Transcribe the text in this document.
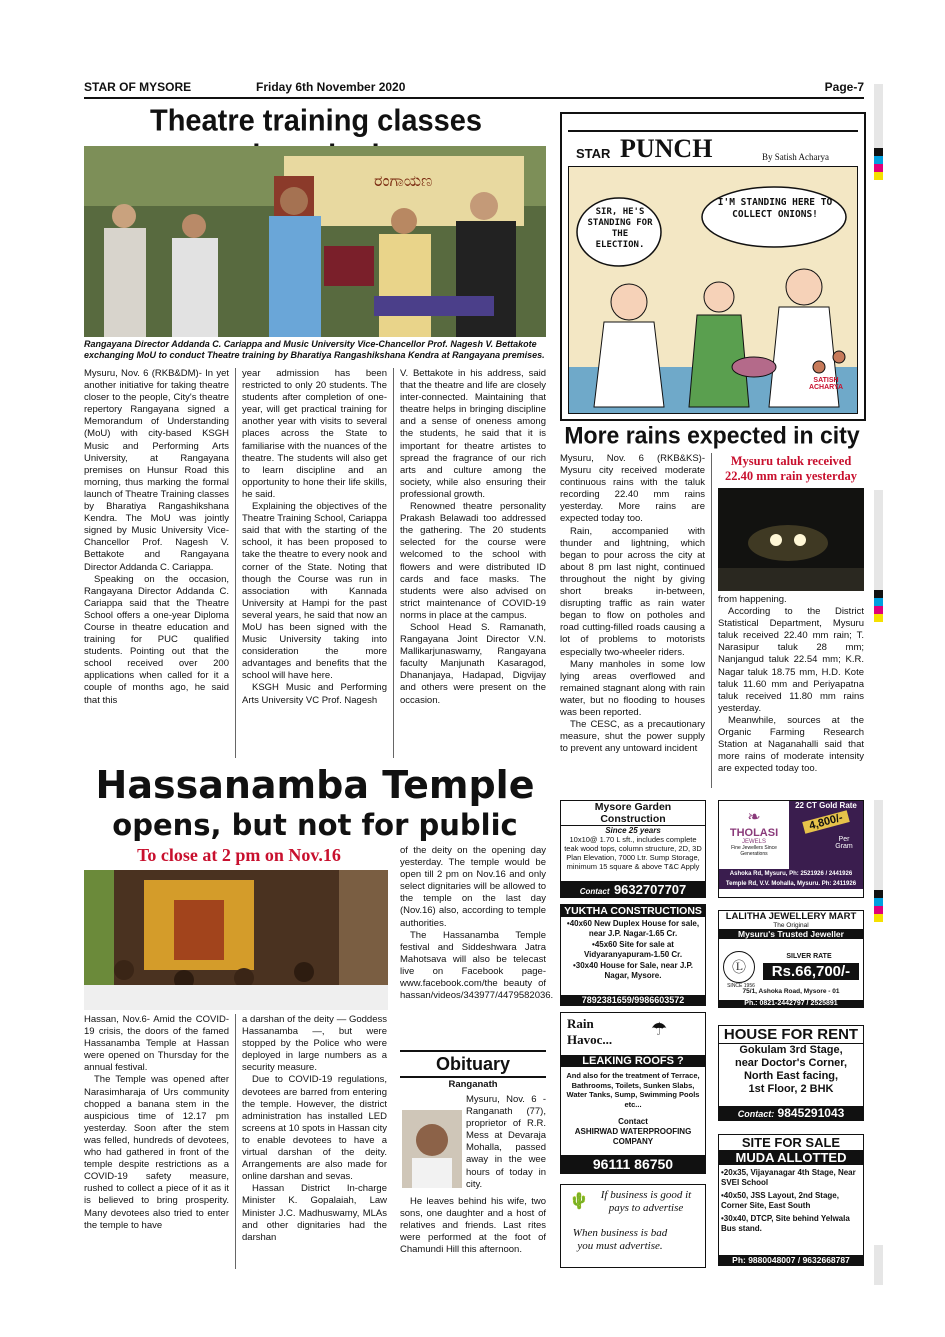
STAR OF MYSORE	Friday 6th November 2020	Page-7
Theatre training classes
ರಂಗಾಯಣ
Rangayana Director Addanda C. Cariappa and Music University Vice-Chancellor Prof. Nagesh V. Bettakote exchanging MoU to conduct Theatre training by Bharatiya Rangashikshana Kendra at Rangayana premises.

Mysuru, Nov. 6 (RKB&DM)- In yet another initiative for taking theatre closer to the people, City's theatre repertory Rangayana signed a Memorandum of Understanding (MoU) with city-based KSGH Music and Performing Arts University, at Rangayana premises on Hunsur Road this morning, thus marking the formal launch of Theatre Training classes by Bharatiya Rangashikshana Kendra. The MoU was jointly signed by Music University Vice-Chancellor Prof. Nagesh V. Bettakote and Rangayana Director Addanda C. Cariappa.

Speaking on the occasion, Rangayana Director Addanda C. Cariappa said that the Theatre School offers a one-year Diploma Course in theatre education and training for PUC qualified students. Pointing out that the school received over 200 applications when called for it a couple of months ago, he said that this

year admission has been restricted to only 20 students. The students after completion of one-year, will get practical training for another year with visits to several places across the State to familiarise with the nuances of the theatre. The students will also get to learn discipline and an opportunity to hone their life skills, he said.

Explaining the objectives of the Theatre Training School, Cariappa said that with the starting of the school, it has been proposed to take the theatre to every nook and corner of the State. Noting that though the Course was run in association with Kannada University at Hampi for the past several years, he said that now an MoU has been signed with the Music University taking into consideration the more advantages and benefits that the school will have here.

KSGH Music and Performing Arts University VC Prof. Nagesh

V. Bettakote in his address, said that the theatre and life are closely inter-connected. Maintaining that theatre helps in bringing discipline and a sense of oneness among the students, he said that it is important for theatre artistes to spread the fragrance of our rich arts and culture among the society, while also ensuring their professional growth.

Renowned theatre personality Prakash Belawadi too addressed the gathering. The 20 students selected for the course were welcomed to the school with flowers and were distributed ID cards and face masks. The students were also advised on strict maintenance of COVID-19 norms in place at the campus.

School Head S. Ramanath, Rangayana Joint Director V.N. Mallikarjunaswamy, Rangayana faculty Manjunath Kasaragod, Dhananjaya, Hadapad, Digvijay and others were present on the occasion.

STAR PUNCH	By Satish Acharya
SIR, HE'S STANDING FOR THE ELECTION.
I'M STANDING HERE TO COLLECT ONIONS!
SATISH ACHARYA
More rains expected in city

Mysuru, Nov. 6 (RKB&KS)- Mysuru city received moderate continuous rains with the taluk recording 22.40 mm rains yesterday. More rains are expected today too.

Rain, accompanied with thunder and lightning, which began to pour across the city at about 8 pm last night, continued throughout the night by giving short breaks in-between, disrupting traffic as rain water began to flow on potholes and road cutting-filled roads causing a lot of problems to motorists especially two-wheeler riders.

Many manholes in some low lying areas overflowed and remained stagnant along with rain water, but no flooding to houses was been reported.

The CESC, as a precautionary measure, shut the power supply to prevent any untoward incident

Mysuru taluk received 22.40 mm rain yesterday

from happening.

According to the District Statistical Department, Mysuru taluk received 22.40 mm rain; T. Narasipur taluk 28 mm; Nanjangud taluk 22.54 mm; K.R. Nagar taluk 18.75 mm, H.D. Kote taluk 11.60 mm and Periyapatna taluk received 11.80 mm rains yesterday.

Meanwhile, sources at the Organic Farming Research Station at Naganahalli said that more rains of moderate intensity are expected today too.

Hassanamba Temple
opens, but not for public
To close at 2 pm on Nov.16	of the deity on the opening day yesterday. The temple would be open till 2 pm on Nov.16 and only select dignitaries will be allowed to the temple on the last day (Nov.16) also, according to temple authorities.

The Hassanamba Temple festival and Siddeshwara Jatra Mahotsava will also be telecast live on Facebook page- www.facebook.com/the beauty of hassan/videos/343977/4479582036.

Hassan, Nov.6- Amid the COVID-19 crisis, the doors of the famed Hassanamba Temple at Hassan were opened on Thursday for the annual festival.

The Temple was opened after Narasimharaja of Urs community chopped a banana stem in the auspicious time of 12.17 pm yesterday. Soon after the stem was felled, hundreds of devotees, who had gathered in front of the temple despite restrictions as a COVID-19 safety measure, rushed to collect a piece of it as it is believed to bring prosperity. Many devotees also tried to enter the temple to have

a darshan of the deity — Goddess Hassanamba —, but were stopped by the Police who were deployed in large numbers as a security measure.

Due to COVID-19 regulations, devotees are barred from entering the temple. However, the district administration has installed LED screens at 10 spots in Hassan city to enable devotees to have a virtual darshan of the deity. Arrangements are also made for online darshan and sevas.

Hassan District In-charge Minister K. Gopalaiah, Law Minister J.C. Madhuswamy, MLAs and other dignitaries had the darshan

Obituary
Ranganath

Mysuru, Nov. 6 - Ranganath (77), proprietor of R.R. Mess at Devaraja Mohalla, passed away in the wee hours of today in city.

He leaves behind his wife, two sons, one daughter and a host of relatives and friends. Last rites were performed at the foot of Chamundi Hill this afternoon.

Mysore Garden Construction
Since 25 years
10x10@ 1.70 L sft., includes complete teak wood tops, column structure, 2D, 3D Plan Elevation, 7000 Ltr. Sump Storage, minimum 15 square & above T&C Apply
Contact 9632707707
YUKTHA CONSTRUCTIONS
•40x60 New Duplex House for sale, near J.P. Nagar-1.65 Cr.
•45x60 Site for sale at Vidyaranyapuram-1.50 Cr.
•30x40 House for Sale, near J.P. Nagar, Mysore.
7892381659/9986603572
Rain
Havoc...
☂
LEAKING ROOFS ?
And also for the treatment of Terrace, Bathrooms, Toilets, Sunken Slabs, Water Tanks, Sump, Swimming Pools etc...
Contact
ASHIRWAD WATERPROOFING COMPANY
96111 86750
If business is good it pays to advertise
When business is bad you must advertise.
🌵
❧
THOLASI
JEWELS
Fine Jewellers Since Generations
22 CT Gold Rate
4,800/-
Per Gram
Ashoka Rd, Mysuru, Ph: 2521926 / 2441926
Temple Rd, V.V. Mohalla, Mysuru. Ph: 2411926
LALITHA JEWELLERY MART
The Original
Mysuru's Trusted Jeweller
Ⓛ
SINCE 1956
SILVER RATE
Rs.66,700/-
75/1, Ashoka Road, Mysore - 01
Ph.: 0821-2442797 / 2525891
HOUSE FOR RENT
Gokulam 3rd Stage,
near Doctor's Corner,
North East facing,
1st Floor, 2 BHK
Contact: 9845291043
SITE FOR SALE
MUDA ALLOTTED
•20x35, Vijayanagar 4th Stage, Near SVEI School
•40x50, JSS Layout, 2nd Stage, Corner Site, East South
•30x40, DTCP, Site behind Yelwala Bus stand.
Ph: 9880048007 / 9632668787
